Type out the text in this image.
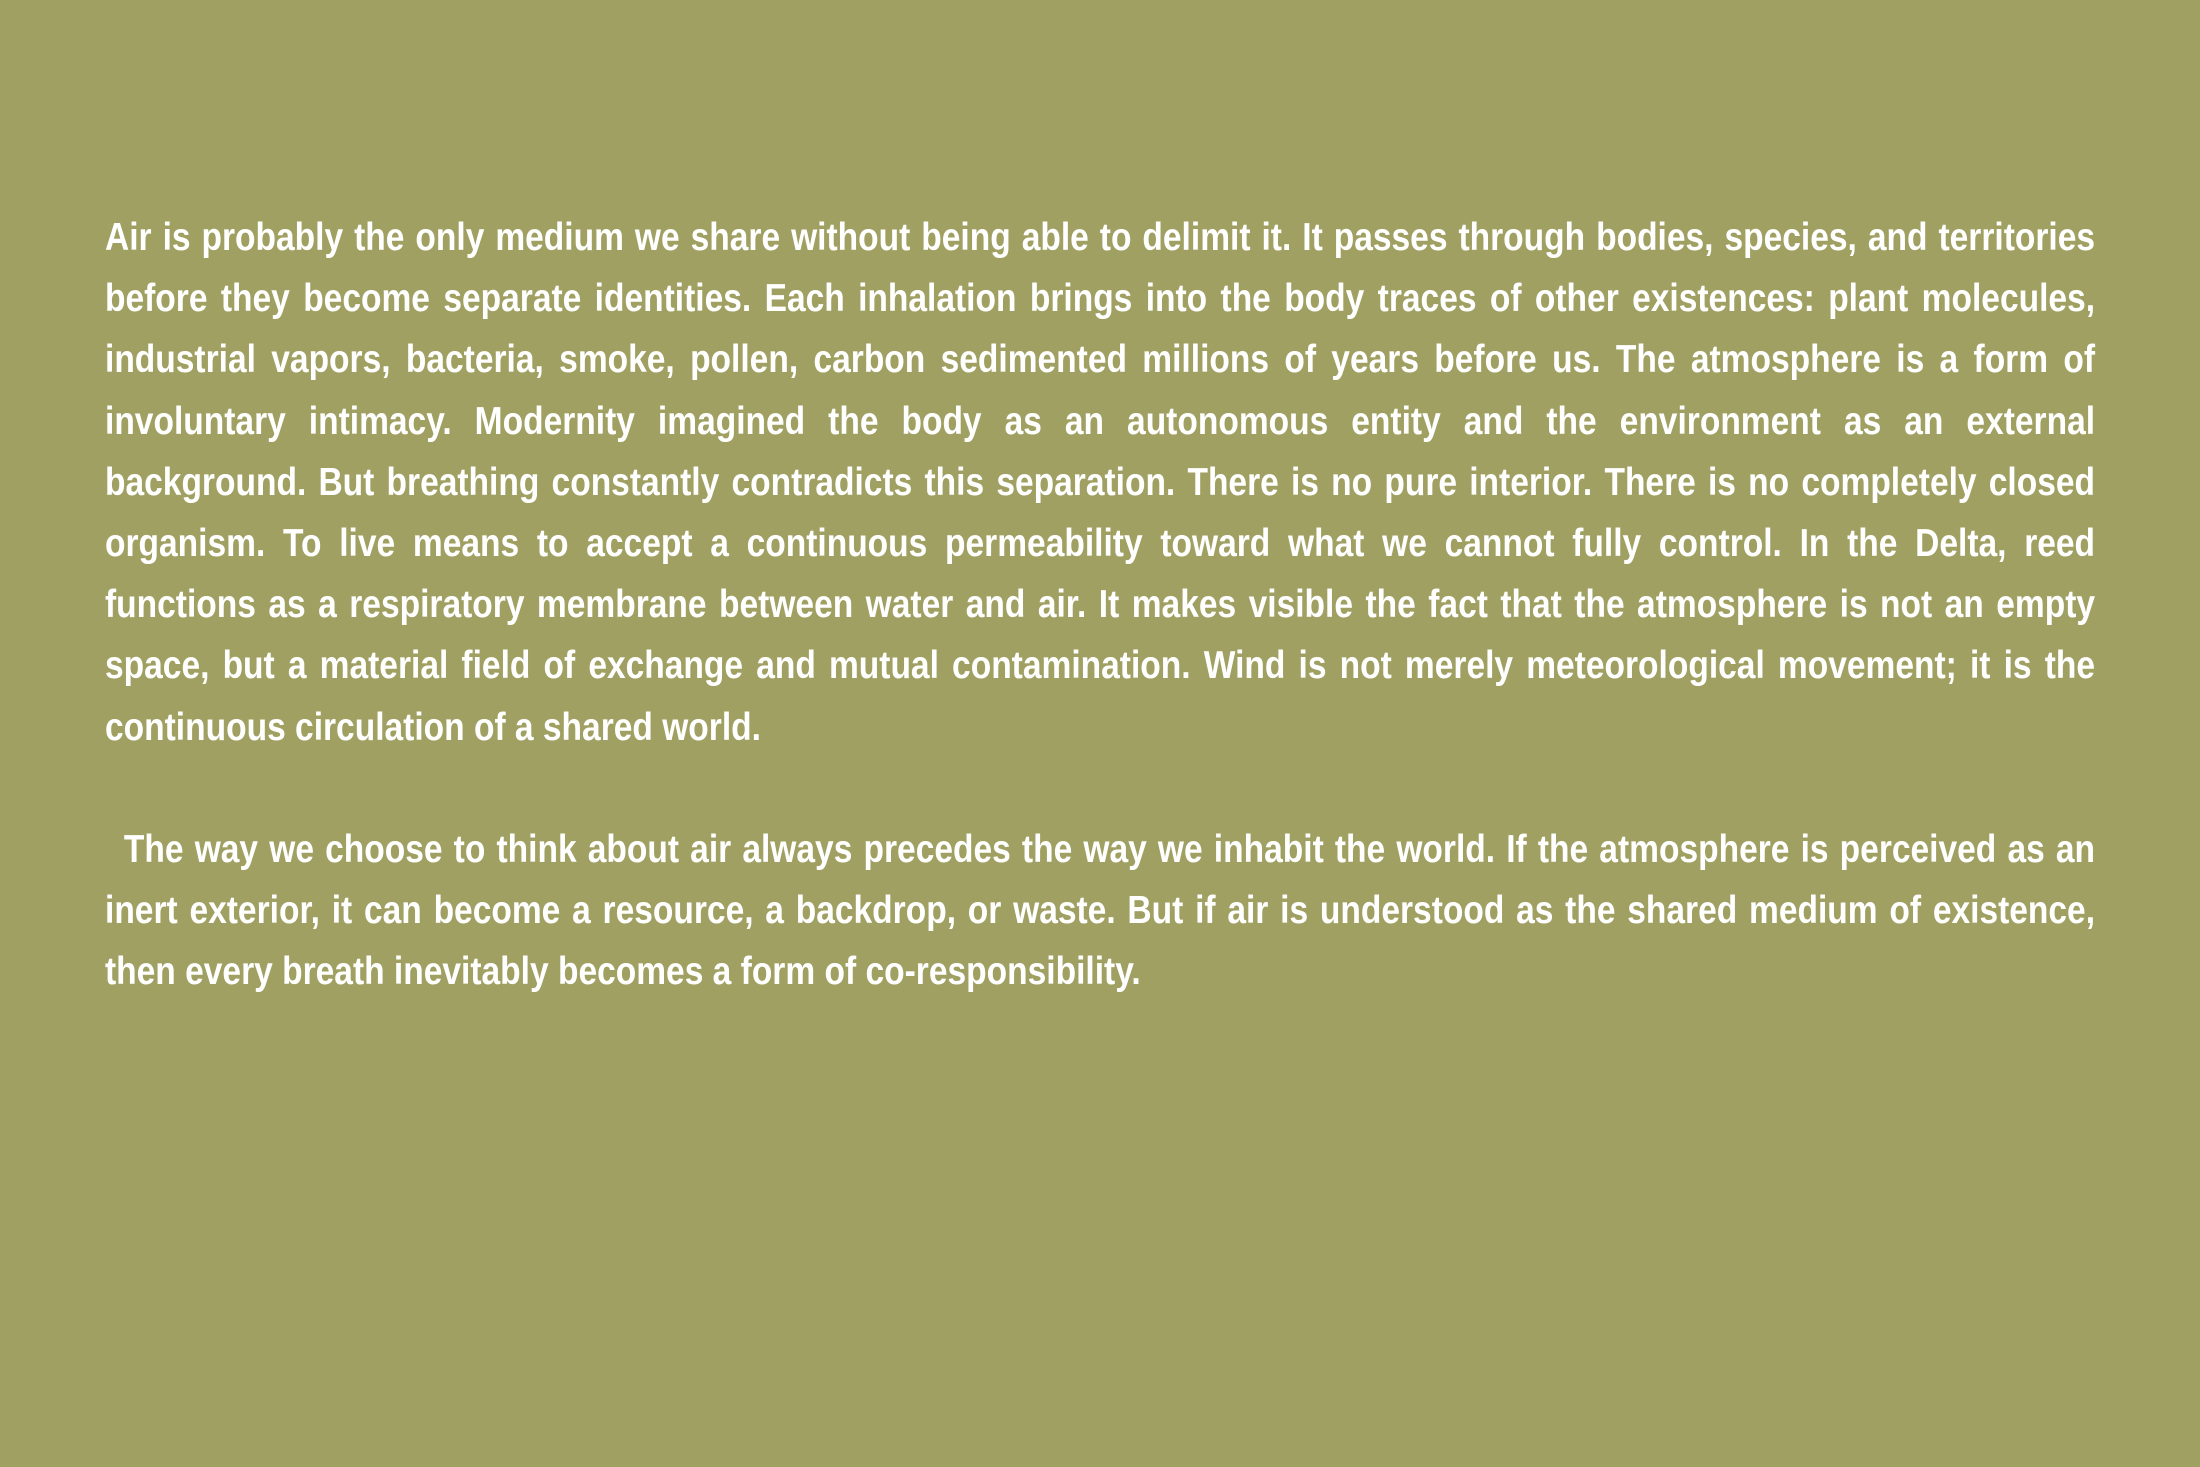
Air is probably the only medium we share without being able to delimit it. It passes through bodies, species, and territories before they become separate identities. Each inhalation brings into the body traces of other existences: plant molecules, industrial vapors, bacteria, smoke, pollen, carbon sedimented millions of years before us. The atmosphere is a form of involuntary intimacy. Modernity imagined the body as an autonomous entity and the environment as an external background. But breathing constantly contradicts this separation. There is no pure interior. There is no completely closed organism. To live means to accept a continuous permeability toward what we cannot fully control. In the Delta, reed functions as a respiratory membrane between water and air. It makes visible the fact that the atmosphere is not an empty space, but a material field of exchange and mutual contamination. Wind is not merely meteorological movement; it is the continuous circulation of a shared world.

The way we choose to think about air always precedes the way we inhabit the world. If the atmosphere is perceived as an inert exterior, it can become a resource, a backdrop, or waste. But if air is understood as the shared medium of existence, then every breath inevitably becomes a form of co-responsibility.
